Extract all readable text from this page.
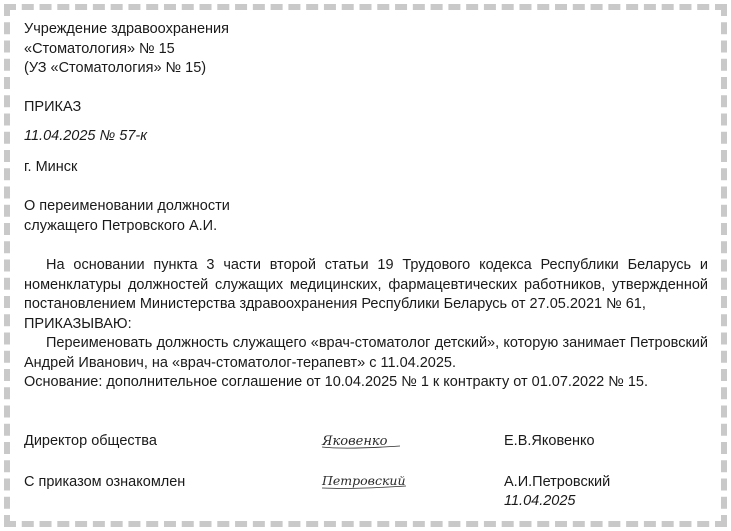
Учреждение здравоохранения
«Стоматология» № 15
(УЗ «Стоматология» № 15)
ПРИКАЗ
11.04.2025 № 57-к
г. Минск
О переименовании должности
служащего Петровского А.И.
На основании пункта 3 части второй статьи 19 Трудового кодекса Республики Беларусь и номенклатуры должностей служащих медицинских, фармацевтических работников, утвержденной постановлением Министерства здравоохранения Республики Беларусь от 27.05.2021 № 61,
ПРИКАЗЫВАЮ:
Переименовать должность служащего «врач-стоматолог детский», которую занимает Петровский Андрей Иванович, на «врач-стоматолог-терапевт» с 11.04.2025.
Основание: дополнительное соглашение от 10.04.2025 № 1 к контракту от 01.07.2022 № 15.
Директор общества	Яковенко	Е.В.Яковенко
С приказом ознакомлен	Петровский	А.И.Петровский
11.04.2025
